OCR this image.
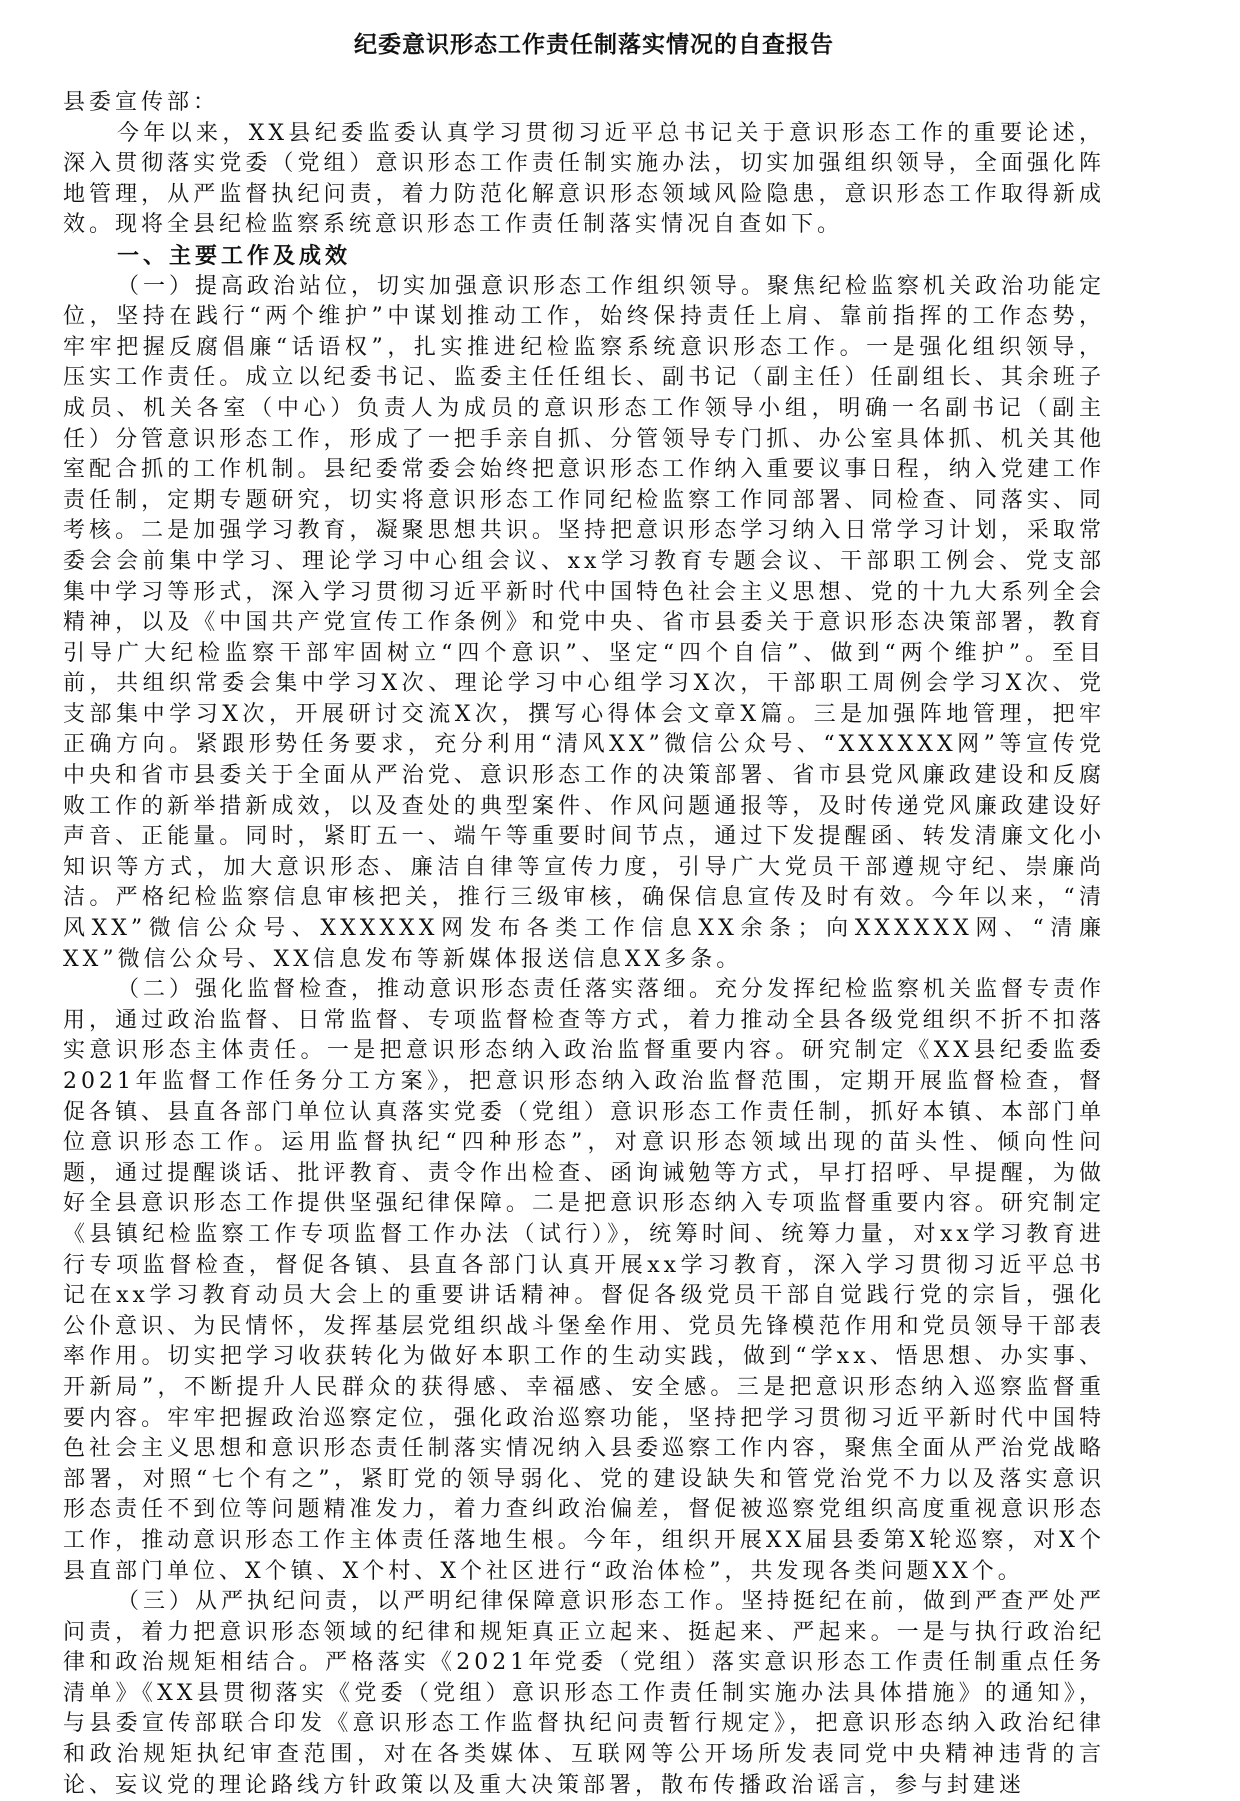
纪委意识形态工作责任制落实情况的自查报告

县委宣传部：

今年以来，XX县纪委监委认真学习贯彻习近平总书记关于意识形态工作的重要论述，深入贯彻落实党委（党组）意识形态工作责任制实施办法，切实加强组织领导，全面强化阵地管理，从严监督执纪问责，着力防范化解意识形态领域风险隐患，意识形态工作取得新成效。现将全县纪检监察系统意识形态工作责任制落实情况自查如下。

一、主要工作及成效

（一）提高政治站位，切实加强意识形态工作组织领导。聚焦纪检监察机关政治功能定位，坚持在践行“两个维护”中谋划推动工作，始终保持责任上肩、靠前指挥的工作态势，牢牢把握反腐倡廉“话语权”，扎实推进纪检监察系统意识形态工作。一是强化组织领导，压实工作责任。成立以纪委书记、监委主任任组长、副书记（副主任）任副组长、其余班子成员、机关各室（中心）负责人为成员的意识形态工作领导小组，明确一名副书记（副主任）分管意识形态工作，形成了一把手亲自抓、分管领导专门抓、办公室具体抓、机关其他室配合抓的工作机制。县纪委常委会始终把意识形态工作纳入重要议事日程，纳入党建工作责任制，定期专题研究，切实将意识形态工作同纪检监察工作同部署、同检查、同落实、同考核。二是加强学习教育，凝聚思想共识。坚持把意识形态学习纳入日常学习计划，采取常委会会前集中学习、理论学习中心组会议、xx学习教育专题会议、干部职工例会、党支部集中学习等形式，深入学习贯彻习近平新时代中国特色社会主义思想、党的十九大系列全会精神，以及《中国共产党宣传工作条例》和党中央、省市县委关于意识形态决策部署，教育引导广大纪检监察干部牢固树立“四个意识”、坚定“四个自信”、做到“两个维护”。至目前，共组织常委会集中学习X次、理论学习中心组学习X次，干部职工周例会学习X次、党支部集中学习X次，开展研讨交流X次，撰写心得体会文章X篇。三是加强阵地管理，把牢正确方向。紧跟形势任务要求，充分利用“清风XX”微信公众号、“XXXXXX网”等宣传党中央和省市县委关于全面从严治党、意识形态工作的决策部署、省市县党风廉政建设和反腐败工作的新举措新成效，以及查处的典型案件、作风问题通报等，及时传递党风廉政建设好声音、正能量。同时，紧盯五一、端午等重要时间节点，通过下发提醒函、转发清廉文化小知识等方式，加大意识形态、廉洁自律等宣传力度，引导广大党员干部遵规守纪、崇廉尚洁。严格纪检监察信息审核把关，推行三级审核，确保信息宣传及时有效。今年以来，“清风XX”微信公众号、XXXXXX网发布各类工作信息XX余条；向XXXXXX网、“清廉XX”微信公众号、XX信息发布等新媒体报送信息XX多条。

（二）强化监督检查，推动意识形态责任落实落细。充分发挥纪检监察机关监督专责作用，通过政治监督、日常监督、专项监督检查等方式，着力推动全县各级党组织不折不扣落实意识形态主体责任。一是把意识形态纳入政治监督重要内容。研究制定《XX县纪委监委2021年监督工作任务分工方案》，把意识形态纳入政治监督范围，定期开展监督检查，督促各镇、县直各部门单位认真落实党委（党组）意识形态工作责任制，抓好本镇、本部门单位意识形态工作。运用监督执纪“四种形态”，对意识形态领域出现的苗头性、倾向性问题，通过提醒谈话、批评教育、责令作出检查、函询诫勉等方式，早打招呼、早提醒，为做好全县意识形态工作提供坚强纪律保障。二是把意识形态纳入专项监督重要内容。研究制定《县镇纪检监察工作专项监督工作办法（试行）》，统筹时间、统筹力量，对xx学习教育进行专项监督检查，督促各镇、县直各部门认真开展xx学习教育，深入学习贯彻习近平总书记在xx学习教育动员大会上的重要讲话精神。督促各级党员干部自觉践行党的宗旨，强化公仆意识、为民情怀，发挥基层党组织战斗堡垒作用、党员先锋模范作用和党员领导干部表率作用。切实把学习收获转化为做好本职工作的生动实践，做到“学xx、悟思想、办实事、开新局”，不断提升人民群众的获得感、幸福感、安全感。三是把意识形态纳入巡察监督重要内容。牢牢把握政治巡察定位，强化政治巡察功能，坚持把学习贯彻习近平新时代中国特色社会主义思想和意识形态责任制落实情况纳入县委巡察工作内容，聚焦全面从严治党战略部署，对照“七个有之”，紧盯党的领导弱化、党的建设缺失和管党治党不力以及落实意识形态责任不到位等问题精准发力，着力查纠政治偏差，督促被巡察党组织高度重视意识形态工作，推动意识形态工作主体责任落地生根。今年，组织开展XX届县委第X轮巡察，对X个县直部门单位、X个镇、X个村、X个社区进行“政治体检”，共发现各类问题XX个。

（三）从严执纪问责，以严明纪律保障意识形态工作。坚持挺纪在前，做到严查严处严问责，着力把意识形态领域的纪律和规矩真正立起来、挺起来、严起来。一是与执行政治纪律和政治规矩相结合。严格落实《2021年党委（党组）落实意识形态工作责任制重点任务清单》《XX县贯彻落实《党委（党组）意识形态工作责任制实施办法具体措施》的通知》，与县委宣传部联合印发《意识形态工作监督执纪问责暂行规定》，把意识形态纳入政治纪律和政治规矩执纪审查范围，对在各类媒体、互联网等公开场所发表同党中央精神违背的言论、妄议党的理论路线方针政策以及重大决策部署，散布传播政治谣言，参与封建迷
